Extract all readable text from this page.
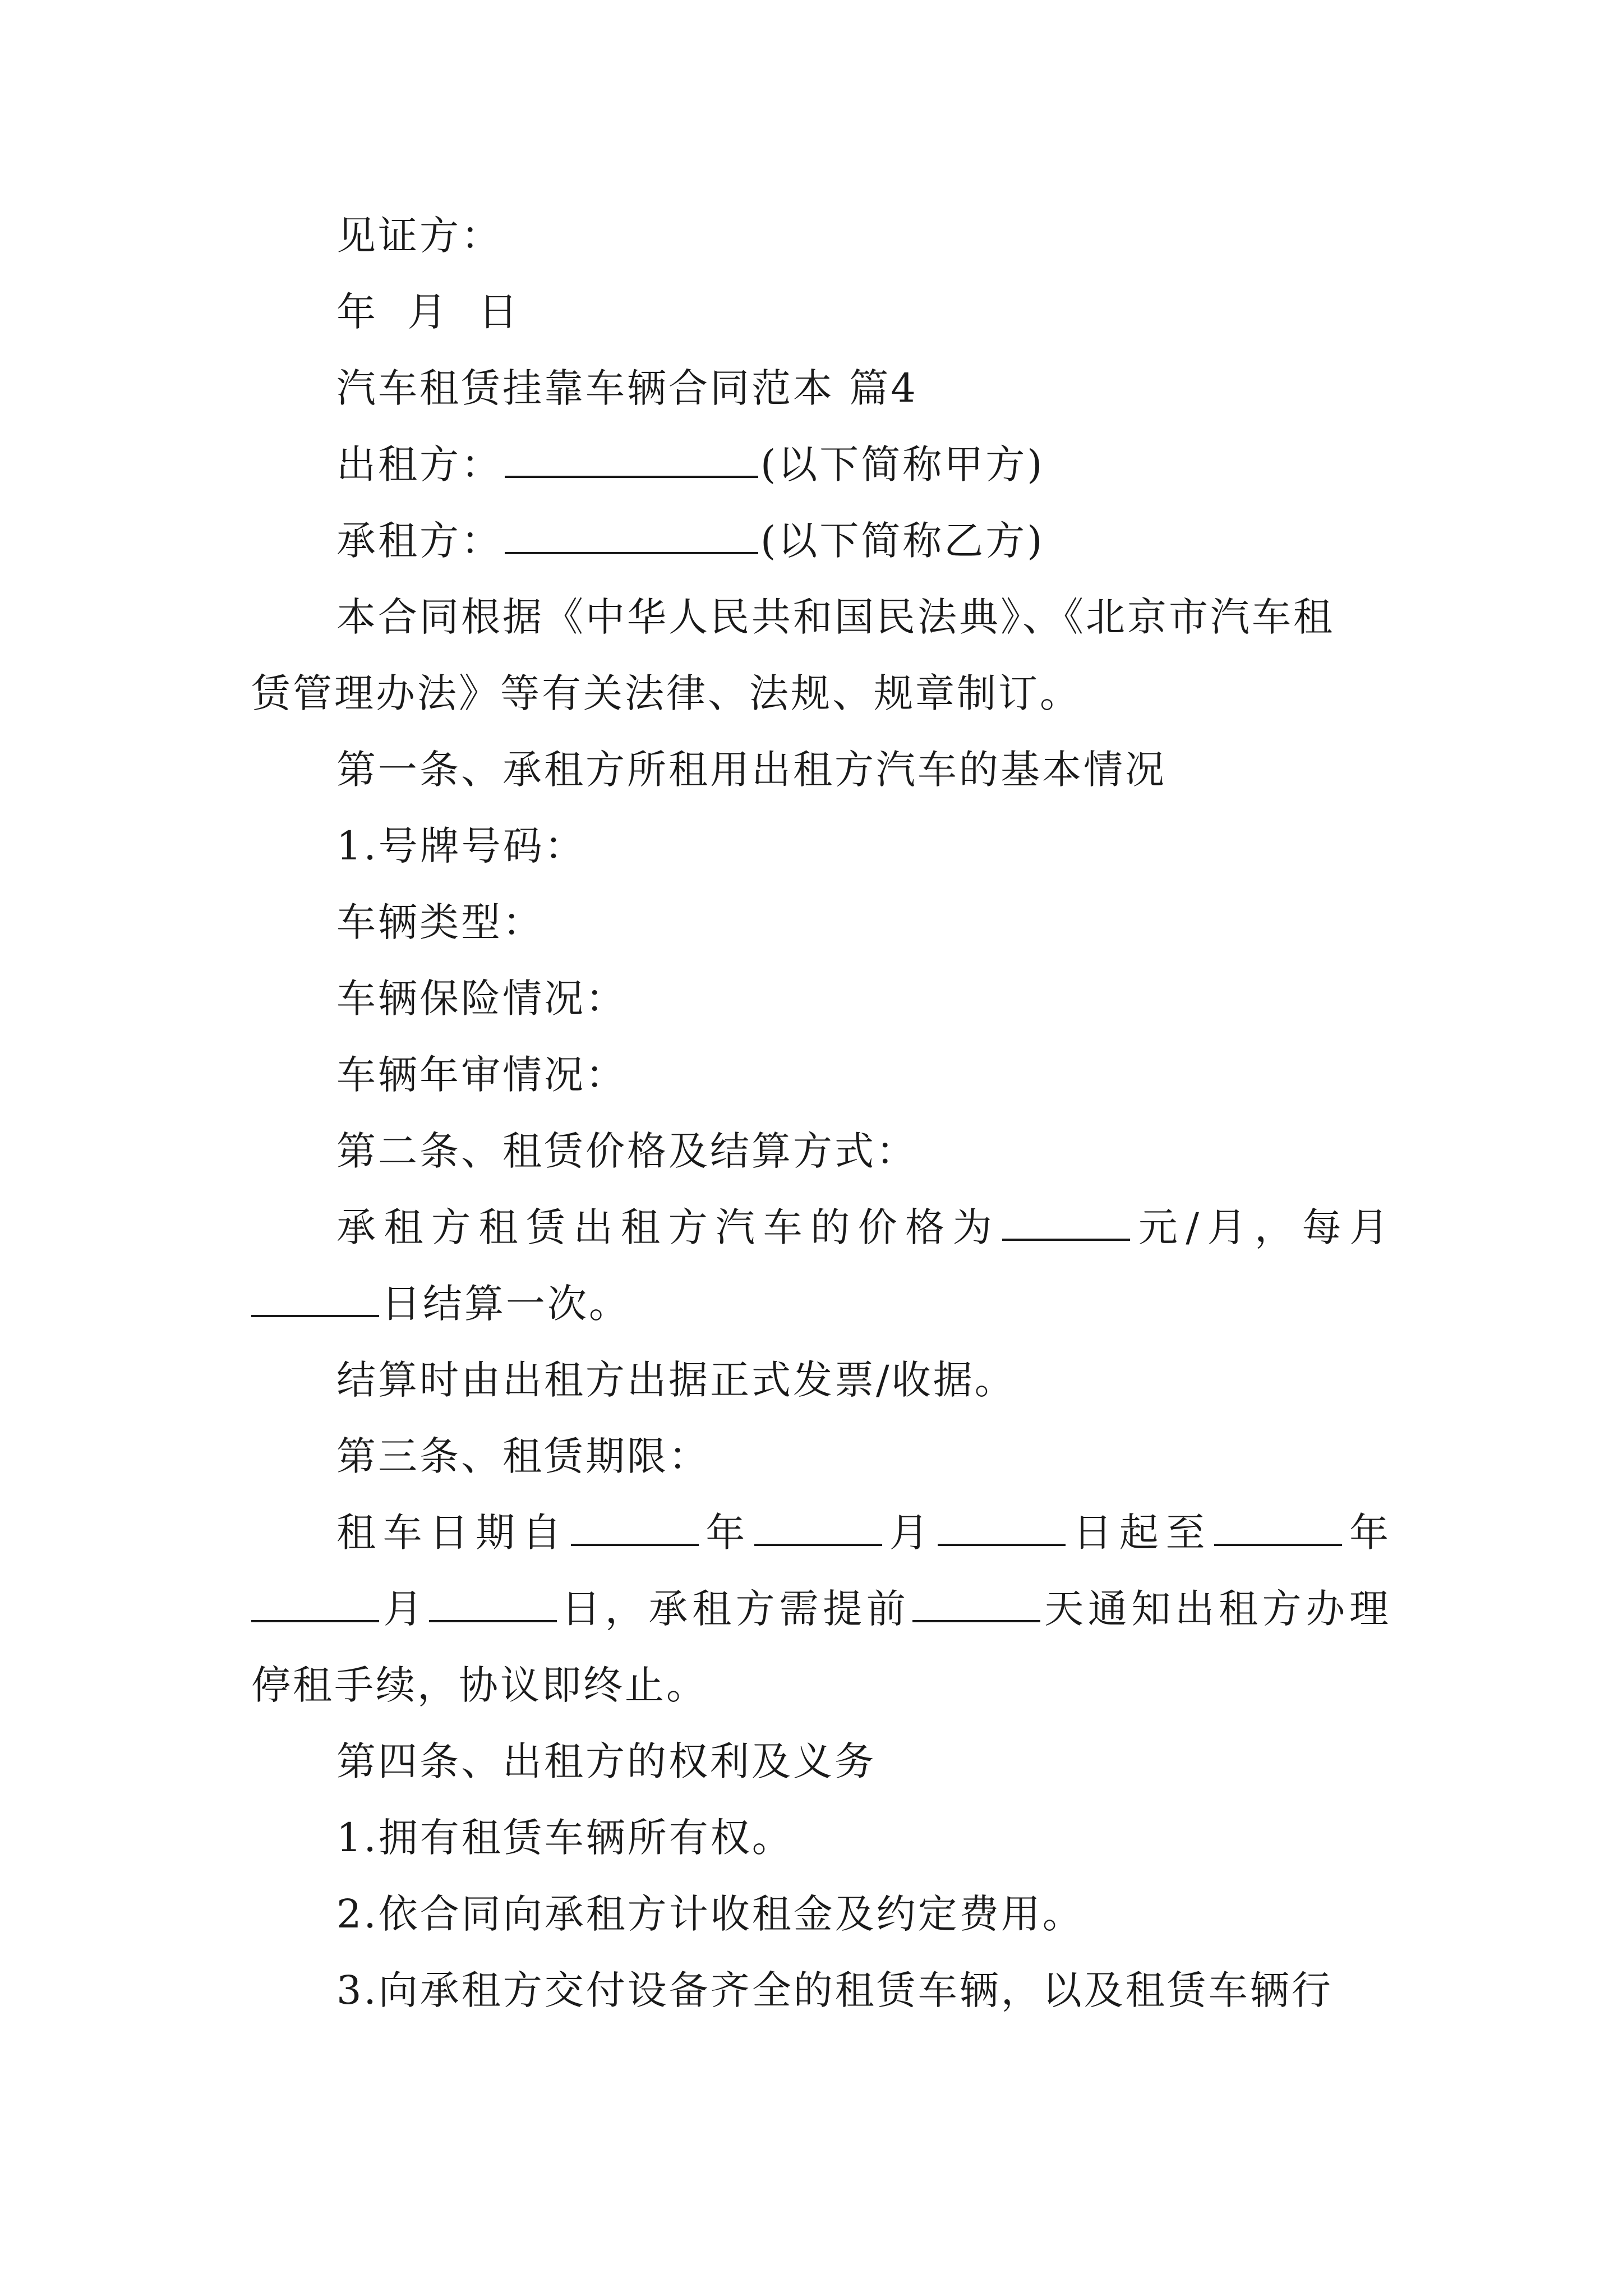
见证方：
年  月  日
汽车租赁挂靠车辆合同范本 篇4
出租方：	(以下简称甲方)
承租方：	(以下简称乙方)
本合同根据《中华人民共和国民法典》、《北京市汽车租
赁管理办法》等有关法律、法规、规章制订。
第一条、承租方所租用出租方汽车的基本情况
1.号牌号码：
车辆类型：
车辆保险情况：
车辆年审情况：
第二条、租赁价格及结算方式：
承租方租赁出租方汽车的价格为	元/月，每月
日结算一次。
结算时由出租方出据正式发票/收据。
第三条、租赁期限：
租车日期自	年	月	日起至	年
月	日，承租方需提前	天通知出租方办理
停租手续，协议即终止。
第四条、出租方的权利及义务
1.拥有租赁车辆所有权。
2.依合同向承租方计收租金及约定费用。
3.向承租方交付设备齐全的租赁车辆，以及租赁车辆行
